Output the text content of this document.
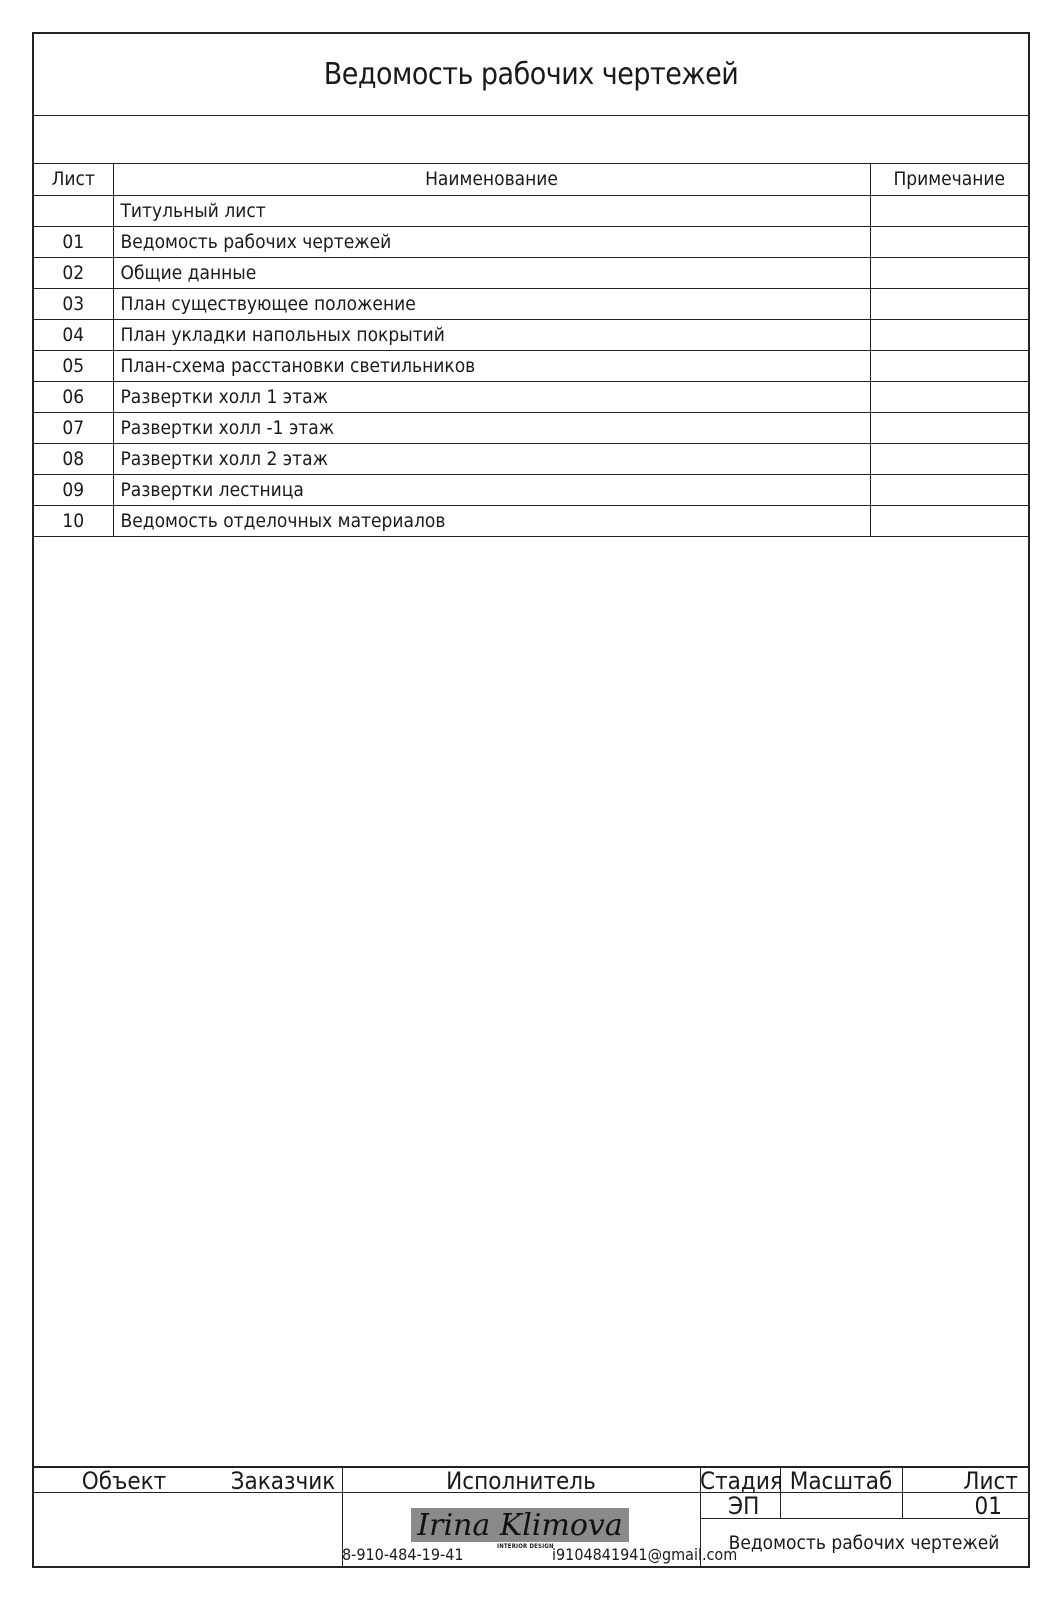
Ведомость рабочих чертежей
Лист	Наименование	Примечание
	Титульный лист	
01	Ведомость рабочих чертежей	
02	Общие данные	
03	План существующее положение	
04	План укладки напольных покрытий	
05	План-схема расстановки светильников	
06	Развертки холл 1 этаж	
07	Развертки холл -1 этаж	
08	Развертки холл 2 этаж	
09	Развертки лестница	
10	Ведомость отделочных материалов	
Объект	Заказчик	Исполнитель	Стадия Масштаб	Лист
ЭП	01
Ведомость рабочих чертежей
Irina Klimova
INTERIOR DESIGN
8-910-484-19-41	i9104841941@gmail.com
